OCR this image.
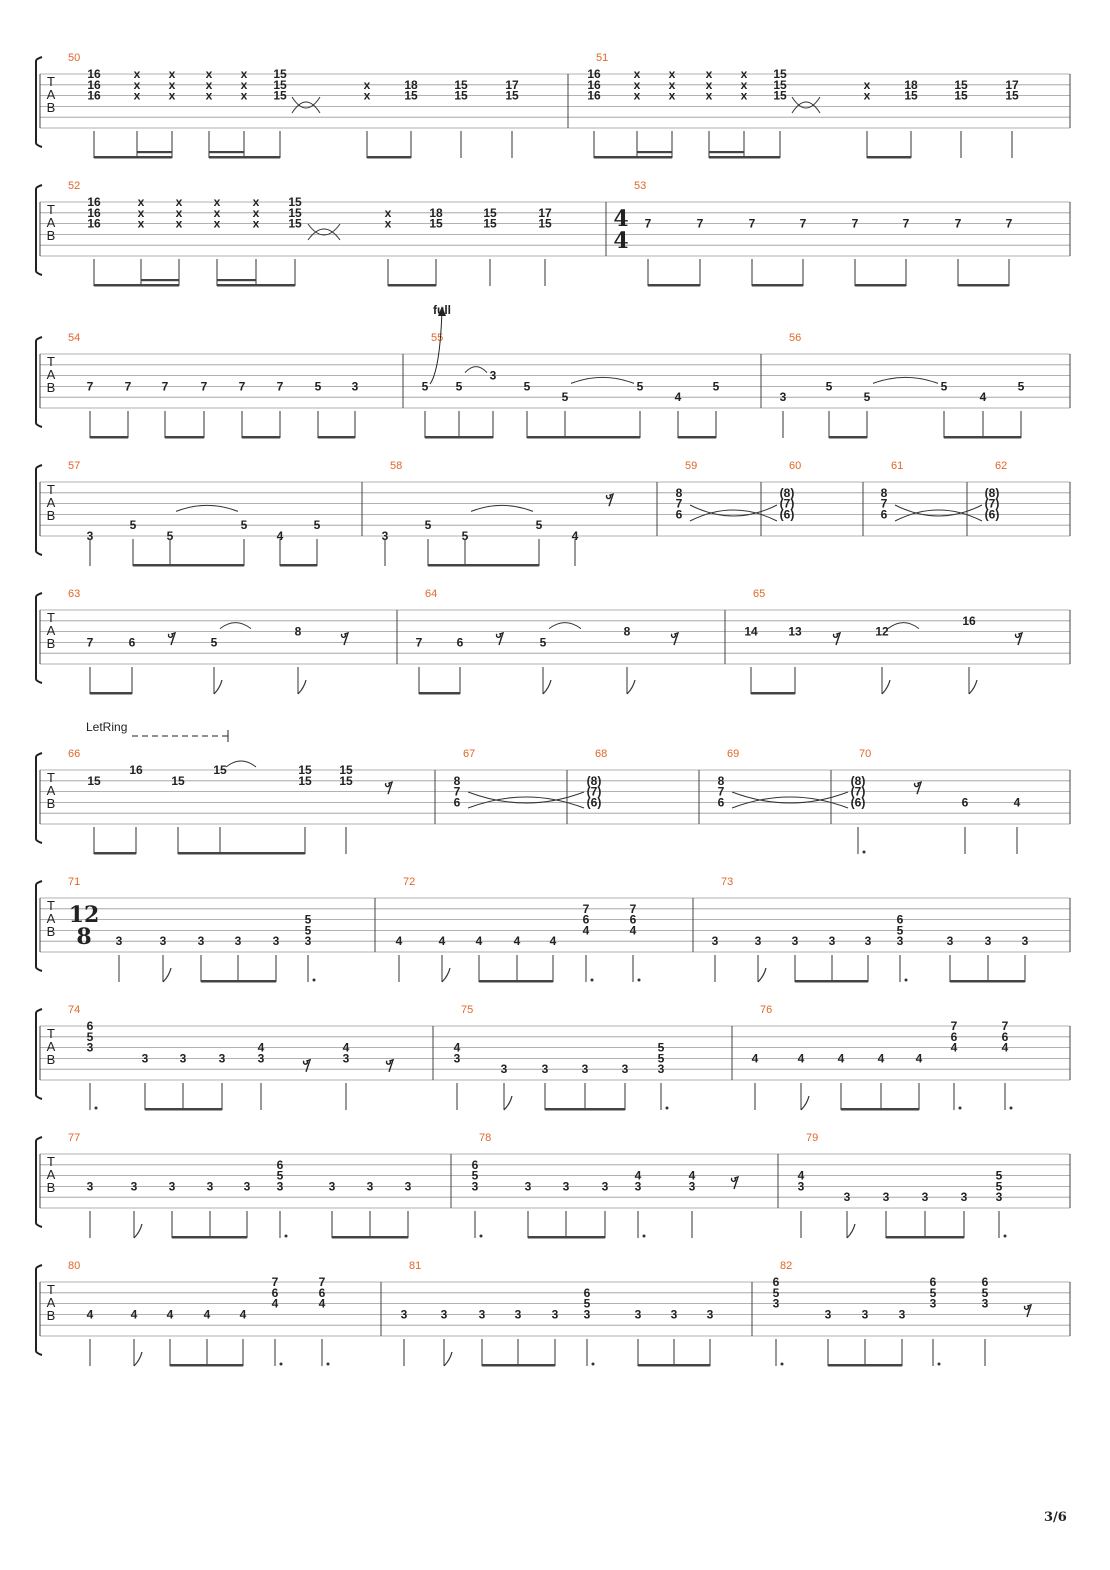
T
A
B
50
16
16
16
x
x
x
x
x
x
x
x
x
x
x
x
15
15
15
x
x
18
15
15
15
17
15
51
16
16
16
x
x
x
x
x
x
x
x
x
x
x
x
15
15
15
x
x
18
15
15
15
17
15
T
A
B
52
16
16
16
x
x
x
x
x
x
x
x
x
x
x
x
15
15
15
x
x
18
15
15
15
17
15
53
7	7	7	7	7	7	7	7
T
A
B
54
7	7	7	7	7	7	5	3
55
5 5
3
5
5
5
4
5
56
3
5
5
5
4
5
T
A
B
57
3
5
5
5
4
5
58
3
5
5
5
4
59
8
7
6
60
(8)
(7)
(6)
61
8
7
6
62
(8)
(7)
(6)
T
A
B
63
7	6	5
8
64
7	6	5
8
65
14	13	12
16
T
A
B
66
15
16
15
15	15
15
15
15
67
8
7
6
68
(8)
(7)
(6)
69
8
7
6
70
(8)
(7)
(6)	6	4
T
A
B
71
3	3	3	3	3
5
5
3
72
4	4	4	4 4
7
6
4
7
6
4
73
3	3	3	3 3
6
5
3	3	3	3
T
A
B
74
6
5
3
3	3	3
4
3
4
3
75
4
3
3	3	3	3
5
5
3
76
4	4	4	4	4
7
6
4
7
6
4
T
A
B
77
3	3	3	3	3
6
5
3	3	3	3
78
6
5
3	3	3	3
4
3
4
3
79
4
3
3	3	3	3
5
5
3
T
A
B
80
4	4 4	4 4
7
6
4
7
6
4
81
3	3	3 3	3
6
5
3	3 3 3
82
6
5
3
3	3	3
6
5
3
6
5
3
4
4
12
8
full
LetRing
3/6
